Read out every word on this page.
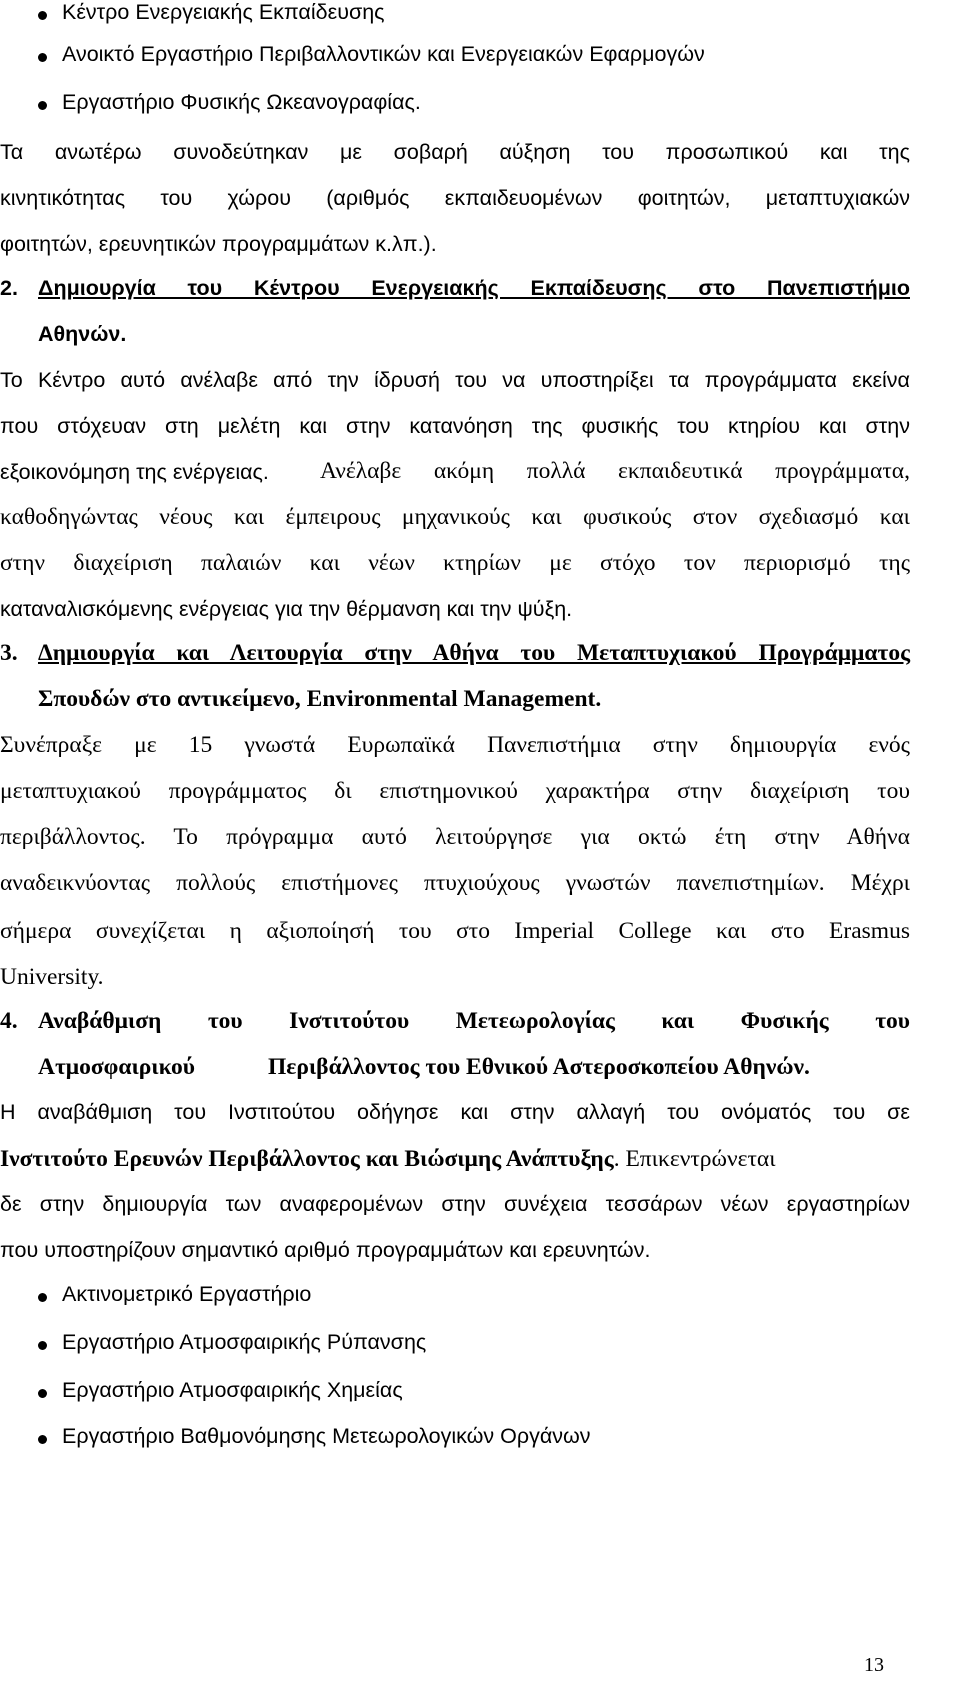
Κέντρο Ενεργειακής Εκπαίδευσης
Ανοικτό Εργαστήριο Περιβαλλοντικών και Ενεργειακών Εφαρμογών
Εργαστήριο Φυσικής Ωκεανογραφίας.
Τα ανωτέρω συνοδεύτηκαν με σοβαρή αύξηση του προσωπικού και της
κινητικότητας του χώρου (αριθμός εκπαιδευομένων φοιτητών, μεταπτυχιακών
φοιτητών, ερευνητικών προγραμμάτων κ.λπ.).
2. Δημιουργία του Κέντρου Ενεργειακής Εκπαίδευσης στο Πανεπιστήμιο
Αθηνών.
Το Κέντρο αυτό ανέλαβε από την ίδρυσή του να υποστηρίξει τα προγράμματα εκείνα
που στόχευαν στη μελέτη και στην κατανόηση της φυσικής του κτηρίου και στην
εξοικονόμηση της ενέργειας. Ανέλαβε ακόμη πολλά εκπαιδευτικά προγράμματα,
καθοδηγώντας νέους και έμπειρους μηχανικούς και φυσικούς στον σχεδιασμό και
στην διαχείριση παλαιών και νέων κτηρίων με στόχο τον περιορισμό της
καταναλισκόμενης ενέργειας για την θέρμανση και την ψύξη.
3. Δημιουργία και Λειτουργία στην Αθήνα του Μεταπτυχιακού Προγράμματος
Σπουδών στο αντικείμενο, Environmental Management.
Συνέπραξε με 15 γνωστά Ευρωπαϊκά Πανεπιστήμια στην δημιουργία ενός
μεταπτυχιακού προγράμματος δι επιστημονικού χαρακτήρα στην διαχείριση του
περιβάλλοντος. Το πρόγραμμα αυτό λειτούργησε για οκτώ έτη στην Αθήνα
αναδεικνύοντας πολλούς επιστήμονες πτυχιούχους γνωστών πανεπιστημίων. Μέχρι
σήμερα συνεχίζεται η αξιοποίησή του στο Imperial College και στο Erasmus
University.
4. Αναβάθμιση του Ινστιτούτου Μετεωρολογίας και Φυσικής του
Ατμοσφαιρικού	Περιβάλλοντος του Εθνικού Αστεροσκοπείου Αθηνών.
Η αναβάθμιση του Ινστιτούτου οδήγησε και στην αλλαγή του ονόματός του σε
Ινστιτούτο Ερευνών Περιβάλλοντος και Βιώσιμης Ανάπτυξης. Επικεντρώνεται
δε στην δημιουργία των αναφερομένων στην συνέχεια τεσσάρων νέων εργαστηρίων
που υποστηρίζουν σημαντικό αριθμό προγραμμάτων και ερευνητών.
Ακτινομετρικό Εργαστήριο
Εργαστήριο Ατμοσφαιρικής Ρύπανσης
Εργαστήριο Ατμοσφαιρικής Χημείας
Εργαστήριο Βαθμονόμησης Μετεωρολογικών Οργάνων
13
